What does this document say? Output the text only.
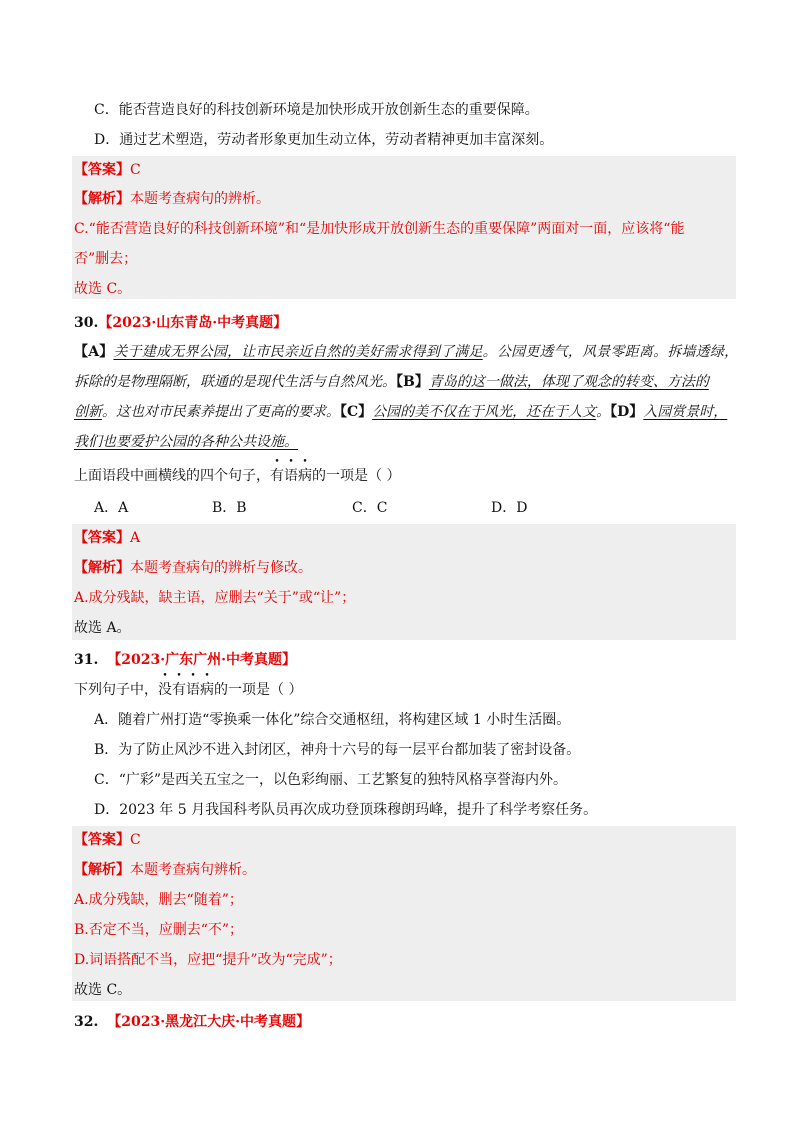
C．能否营造良好的科技创新环境是加快形成开放创新生态的重要保障。
D．通过艺术塑造，劳动者形象更加生动立体，劳动者精神更加丰富深刻。
【答案】C
【解析】本题考查病句的辨析。
C.“能否营造良好的科技创新环境”和“是加快形成开放创新生态的重要保障”两面对一面，应该将“能
否”删去；
故选 C。
30.【2023·山东青岛·中考真题】
【A】关于建成无界公园，让市民亲近自然的美好需求得到了满足。公园更透气，风景零距离。拆墙透绿，
拆除的是物理隔断，联通的是现代生活与自然风光。【B】青岛的这一做法，体现了观念的转变、方法的
创新。这也对市民素养提出了更高的要求。【C】公园的美不仅在于风光，还在于人文。【D】入园赏景时，
我们也要爱护公园的各种公共设施。
上面语段中画横线的四个句子，有语病的一项是（ ）
A．A	B．B	C．C	D．D
【答案】A
【解析】本题考查病句的辨析与修改。
A.成分残缺，缺主语，应删去“关于”或“让”；
故选 A。
31. 【2023·广东广州·中考真题】
下列句子中，没有语病的一项是（ ）
A．随着广州打造“零换乘一体化”综合交通枢纽，将构建区域 1 小时生活圈。
B．为了防止风沙不进入封闭区，神舟十六号的每一层平台都加装了密封设备。
C．“广彩”是西关五宝之一，以色彩绚丽、工艺繁复的独特风格享誉海内外。
D．2023 年 5 月我国科考队员再次成功登顶珠穆朗玛峰，提升了科学考察任务。
【答案】C
【解析】本题考查病句辨析。
A.成分残缺，删去“随着”；
B.否定不当，应删去“不”；
D.词语搭配不当，应把“提升”改为“完成”；
故选 C。
32. 【2023·黑龙江大庆·中考真题】
